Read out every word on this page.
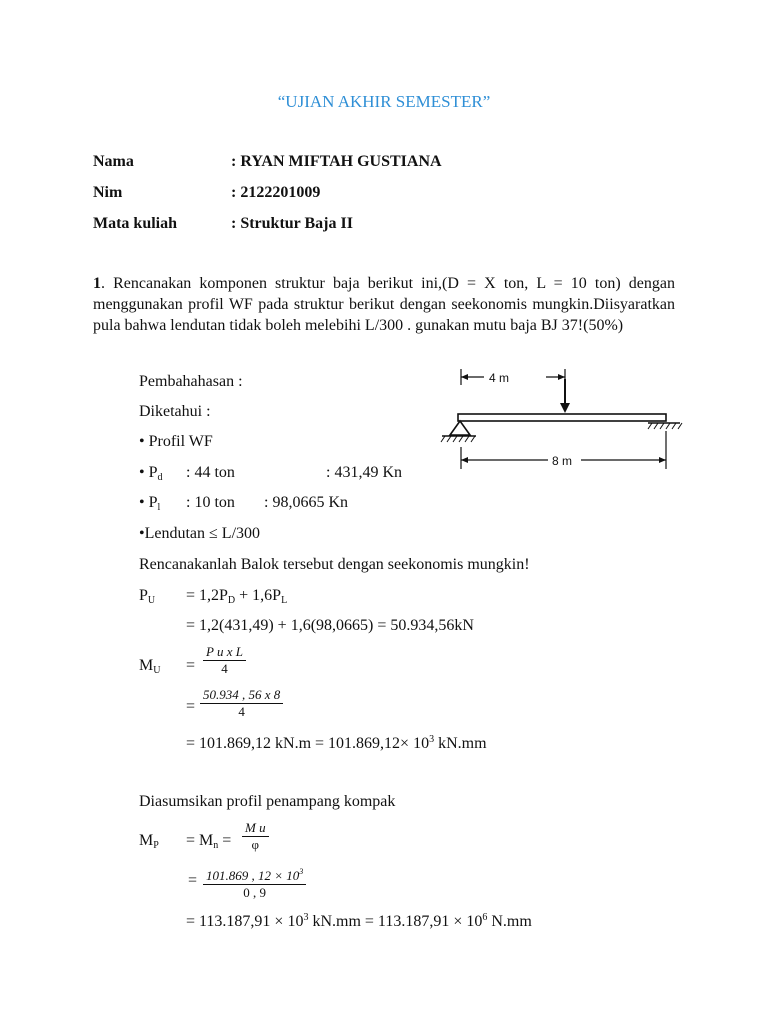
“UJIAN AKHIR SEMESTER”
Nama	: RYAN MIFTAH GUSTIANA
Nim	: 2122201009
Mata kuliah	: Struktur Baja II
1. Rencanakan komponen struktur baja berikut ini,(D = X ton, L = 10 ton) dengan menggunakan profil WF pada struktur berikut dengan seekonomis mungkin.Diisyaratkan pula bahwa lendutan tidak boleh melebihi L/300 . gunakan mutu baja BJ 37!(50%)
Pembahahasan :
Diketahui :
• Profil WF
• $P_d$ : 44 ton	: 431,49 Kn
• $P_l$ : 10 ton : 98,0665 Kn
•Lendutan ≤ L/300
Rencanakanlah Balok tersebut dengan seekonomis mungkin!
$P_U = 1,2P_D + 1,6P_L$
= 1,2(431,49) + 1,6(98,0665) = 50.934,56kN
$M_U$ =
P u x L
4
=
50.934 , 56 x 8
4
= 101.869,12 $kN.m = 101.869,12\times 10^3$ kN.mm
Diasumsikan profil penampang kompak
$M_P = M_n$ =
M u
φ
= 101.869 , $12 \times 10^3$
0 , 9
= $113.187,91 \times 10^3$ $kN.mm = 113.187,91 \times 10^6$ N.mm
4 m
8 m
